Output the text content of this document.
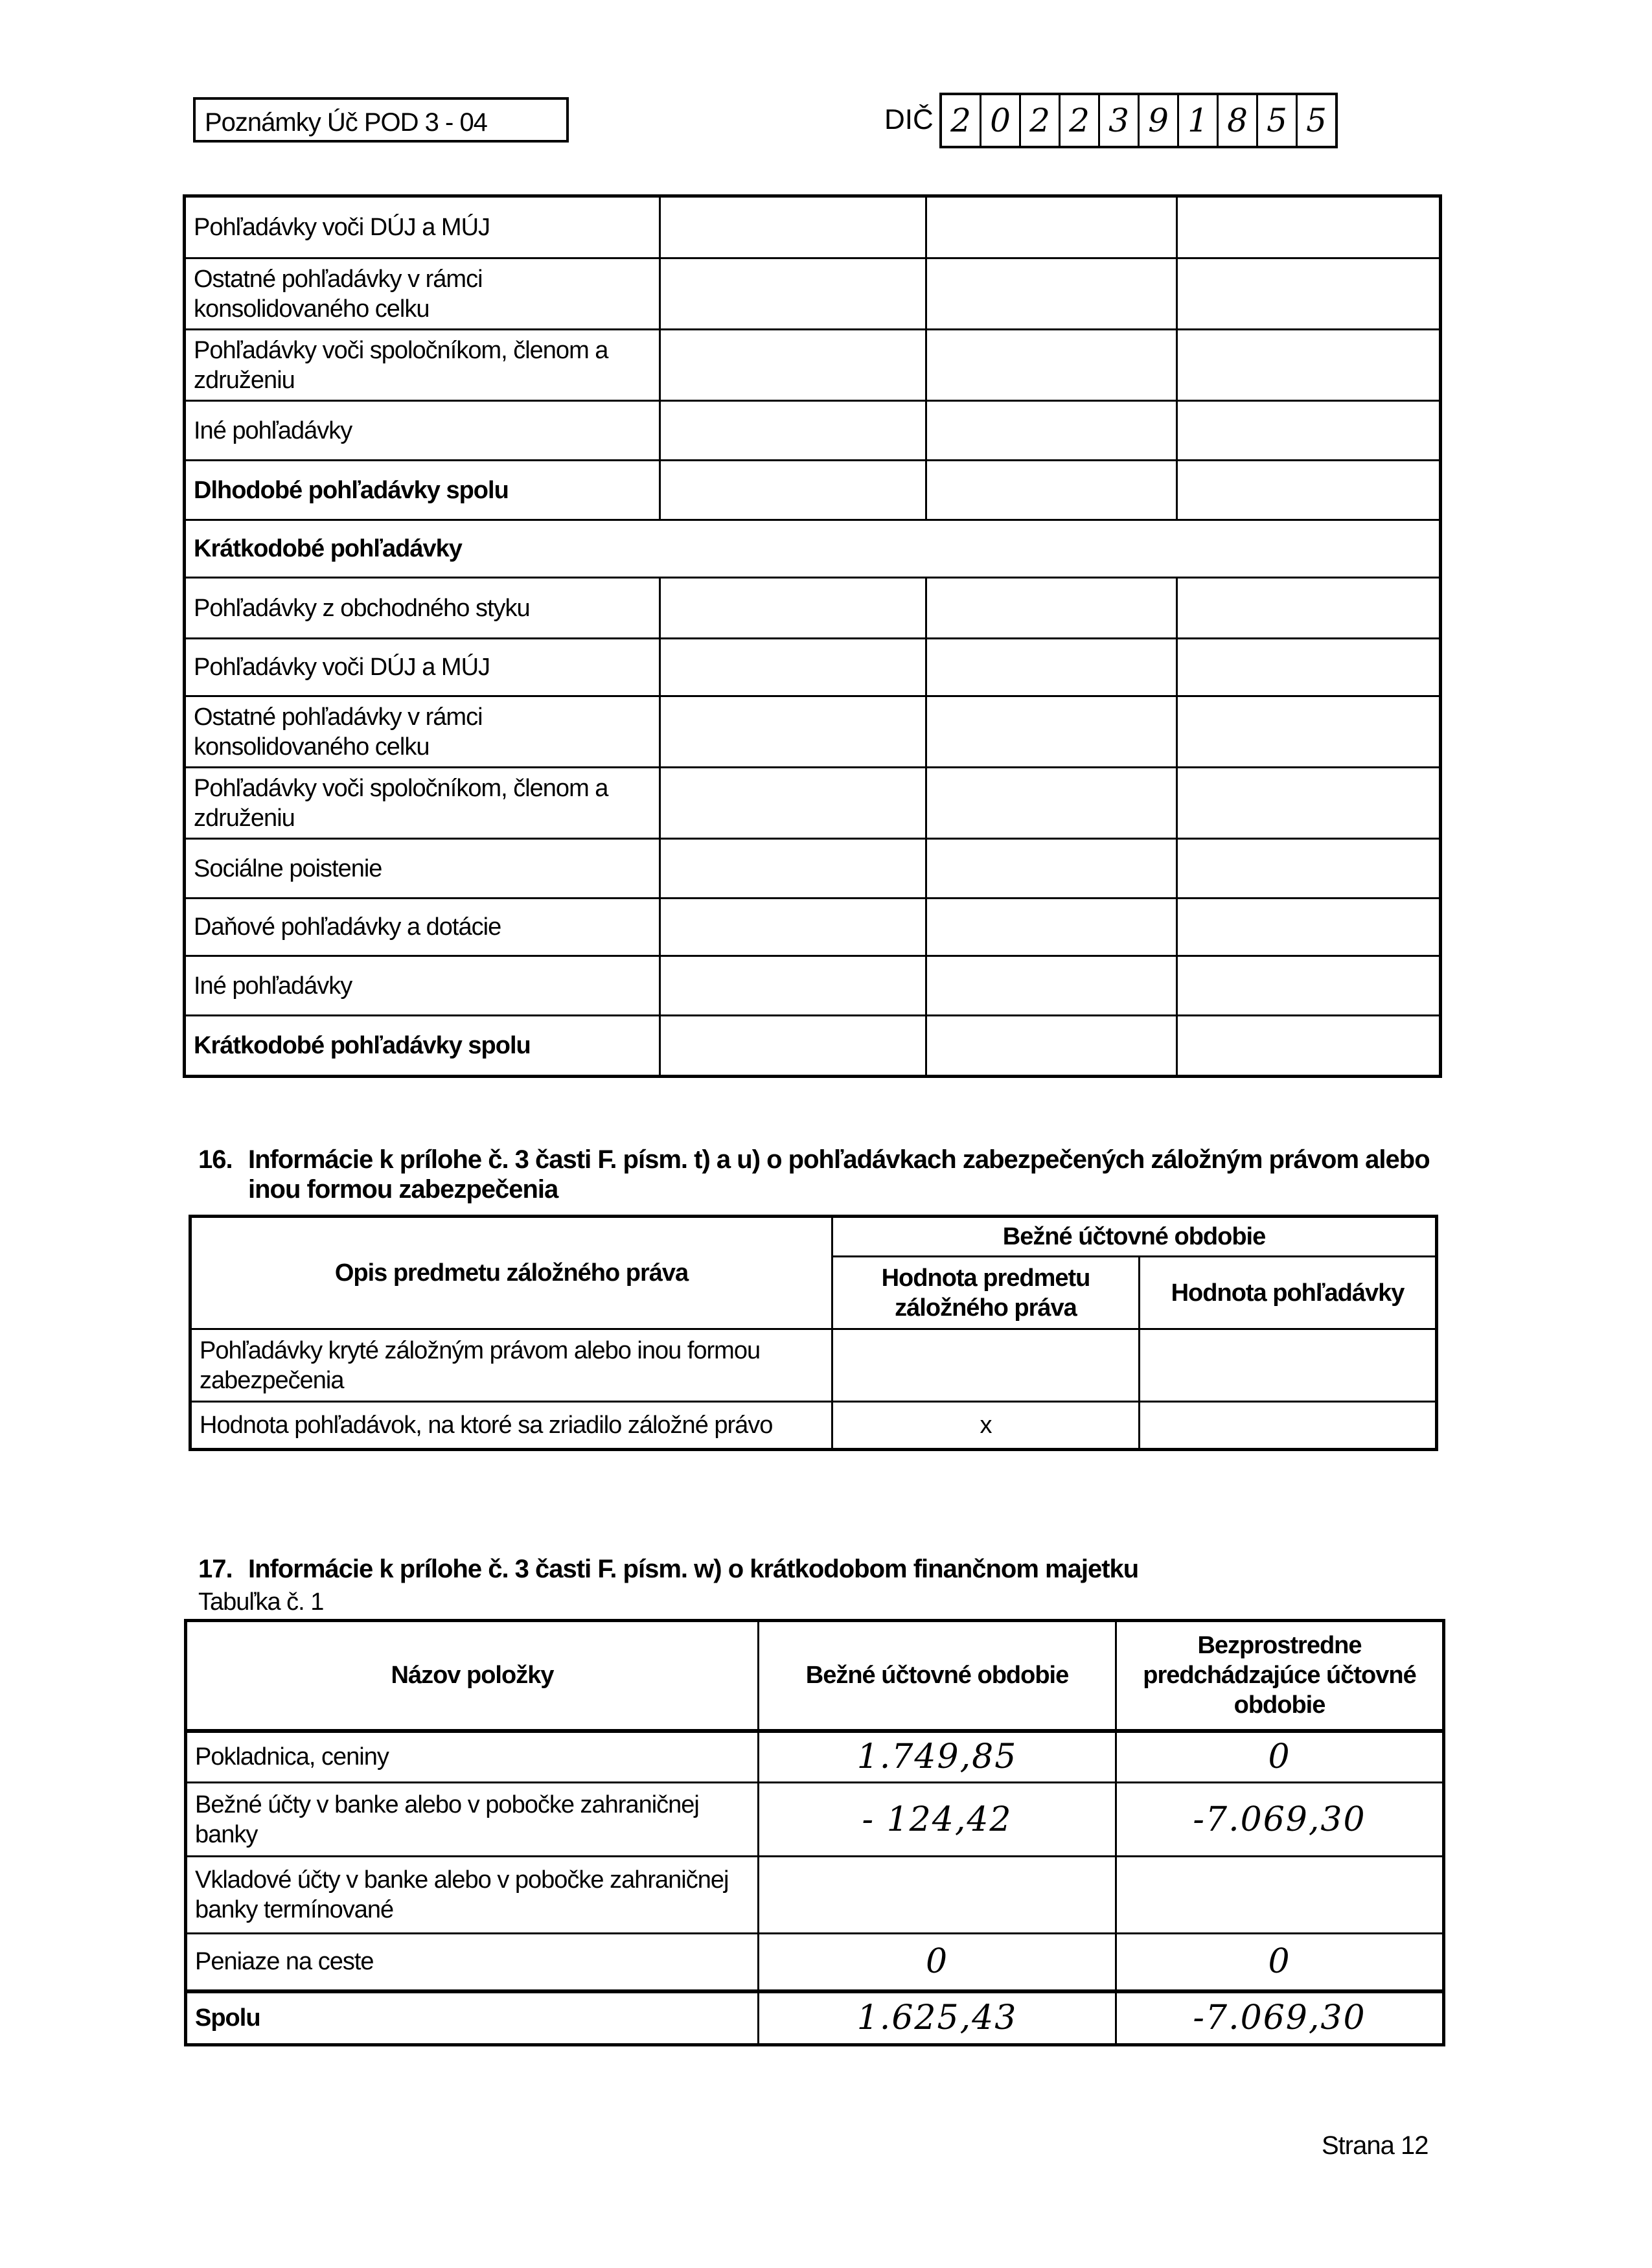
Poznámky Úč POD 3 - 04	DIČ 2 0 2 2 3 9 1 8 5 5
Pohľadávky voči DÚJ a MÚJ			
Ostatné pohľadávky v rámci konsolidovaného celku			
Pohľadávky voči spoločníkom, členom a združeniu			
Iné pohľadávky			
Dlhodobé pohľadávky spolu			
Krátkodobé pohľadávky			
Pohľadávky z obchodného styku			
Pohľadávky voči DÚJ a MÚJ			
Ostatné pohľadávky v rámci konsolidovaného celku			
Pohľadávky voči spoločníkom, členom a združeniu			
Sociálne poistenie			
Daňové pohľadávky a dotácie			
Iné pohľadávky			
Krátkodobé pohľadávky spolu			
16. Informácie k prílohe č. 3 časti F. písm. t) a u) o pohľadávkach zabezpečených záložným právom alebo
inou formou zabezpečenia
Opis predmetu záložného práva	Bežné účtovné obdobie	
	Hodnota predmetu záložného práva	Hodnota pohľadávky
Pohľadávky kryté záložným právom alebo inou formou zabezpečenia		
Hodnota pohľadávok, na ktoré sa zriadilo záložné právo	x	
17. Informácie k prílohe č. 3 časti F. písm. w) o krátkodobom finančnom majetku
Tabuľka č. 1
Názov položky	Bežné účtovné obdobie	Bezprostredne predchádzajúce účtovné obdobie
Pokladnica, ceniny	1.749,85	0
Bežné účty v banke alebo v pobočke zahraničnej banky	- 124,42	-7.069,30
Vkladové účty v banke alebo v pobočke zahraničnej banky termínované		
Peniaze na ceste	0	0
Spolu	1.625,43	-7.069,30
Strana 12
